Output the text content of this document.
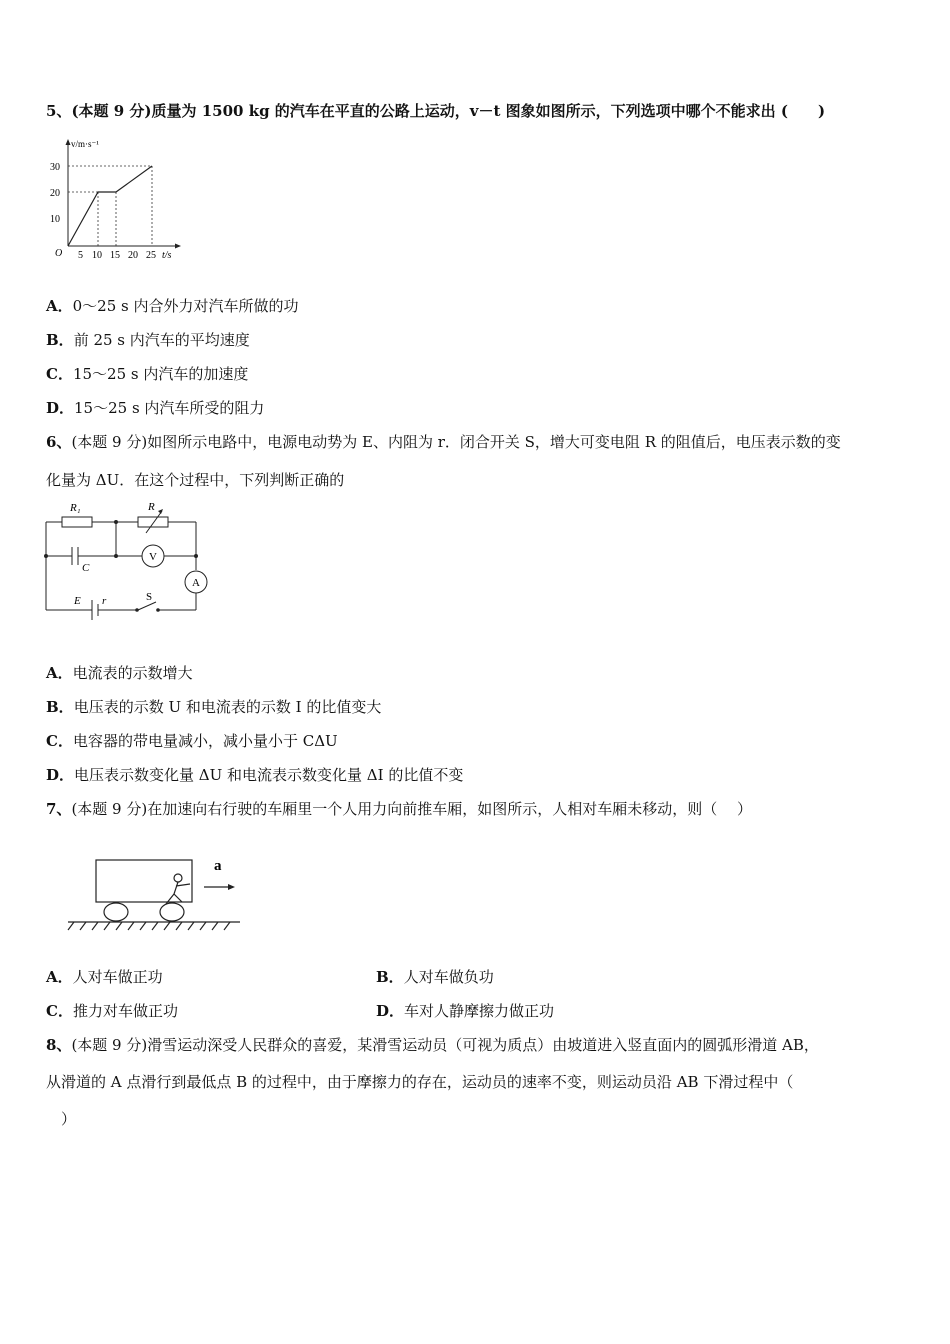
5、(本题 9 分)质量为 1500 kg 的汽车在平直的公路上运动，v－t 图象如图所示，下列选项中哪个不能求出 (　　)
v/m·s⁻¹
O
30
20
10
5 10 15 20 25 t/s
A．0～25 s 内合外力对汽车所做的功
B．前 25 s 内汽车的平均速度
C．15～25 s 内汽车的加速度
D．15～25 s 内汽车所受的阻力
6、(本题 9 分)如图所示电路中，电源电动势为 E、内阻为 r．闭合开关 S，增大可变电阻 R 的阻值后，电压表示数的变
化量为 ΔU．在这个过程中，下列判断正确的
R₁	R
C
V
A
E r	S
A．电流表的示数增大
B．电压表的示数 U 和电流表的示数 I 的比值变大
C．电容器的带电量减小，减小量小于 CΔU
D．电压表示数变化量 ΔU 和电流表示数变化量 ΔI 的比值不变
7、(本题 9 分)在加速向右行驶的车厢里一个人用力向前推车厢，如图所示，人相对车厢未移动，则（　 ）
a
A．人对车做正功	B．人对车做负功
C．推力对车做正功	D．车对人静摩擦力做正功
8、(本题 9 分)滑雪运动深受人民群众的喜爱，某滑雪运动员（可视为质点）由坡道进入竖直面内的圆弧形滑道 AB，
从滑道的 A 点滑行到最低点 B 的过程中，由于摩擦力的存在，运动员的速率不变，则运动员沿 AB 下滑过程中（
　）
